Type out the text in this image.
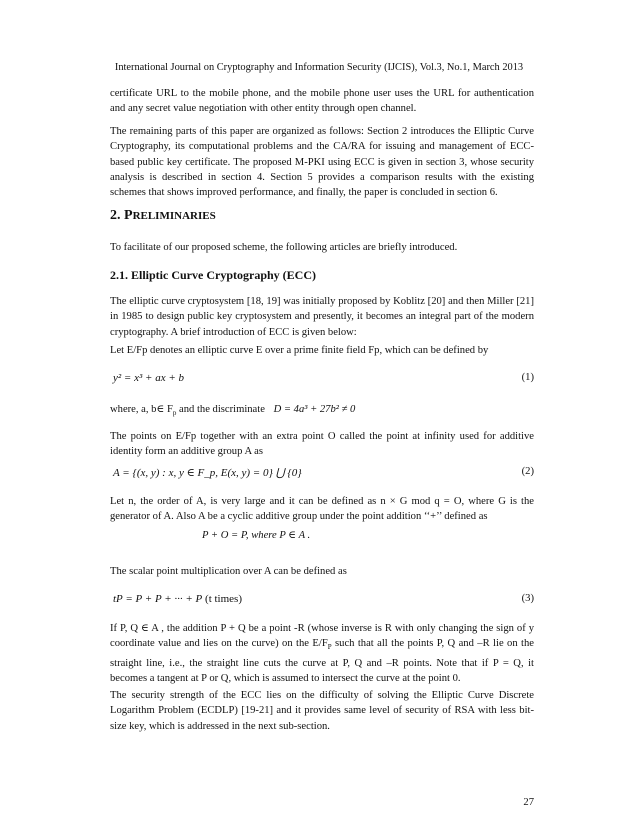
International Journal on Cryptography and Information Security (IJCIS), Vol.3, No.1, March 2013
certificate URL to the mobile phone, and the mobile phone user uses the URL for authentication and any secret value negotiation with other entity through open channel.
The remaining parts of this paper are organized as follows: Section 2 introduces the Elliptic Curve Cryptography, its computational problems and the CA/RA for issuing and management of ECC-based public key certificate. The proposed M-PKI using ECC is given in section 3, whose security analysis is described in section 4. Section 5 provides a comparison results with the existing schemes that shows improved performance, and finally, the paper is concluded in section 6.
2. PRELIMINARIES
To facilitate of our proposed scheme, the following articles are briefly introduced.
2.1. Elliptic Curve Cryptography (ECC)
The elliptic curve cryptosystem [18, 19] was initially proposed by Koblitz [20] and then Miller [21] in 1985 to design public key cryptosystem and presently, it becomes an integral part of the modern cryptography. A brief introduction of ECC is given below:
Let E/Fp denotes an elliptic curve E over a prime finite field Fp, which can be defined by
y² = x³ + ax + b	(1)
where, a, b∈ $F_p$ and the discriminate D = 4a³ + 27b² ≠ 0
The points on E/Fp together with an extra point O called the point at infinity used for additive identity form an additive group A as
A = {(x, y) : x, y ∈ F_p, E(x, y) = 0} ⋃ {0}	(2)
Let n, the order of A, is very large and it can be defined as n × G mod q = O, where G is the generator of A. Also A be a cyclic additive group under the point addition ‘‘+’’ defined as
P + O = P, where P ∈ A .
The scalar point multiplication over A can be defined as
tP = P + P + ··· + P (t times)	(3)
If P, Q ∈ A , the addition P + Q be a point -R (whose inverse is R with only changing the sign of y coordinate value and lies on the curve) on the $E/F_P$ such that all the points P, Q and –R lie on the straight line, i.e., the straight line cuts the curve at P, Q and –R points. Note that if P = Q, it becomes a tangent at P or Q, which is assumed to intersect the curve at the point 0.
The security strength of the ECC lies on the difficulty of solving the Elliptic Curve Discrete Logarithm Problem (ECDLP) [19-21] and it provides same level of security of RSA with less bit-size key, which is addressed in the next sub-section.
27
